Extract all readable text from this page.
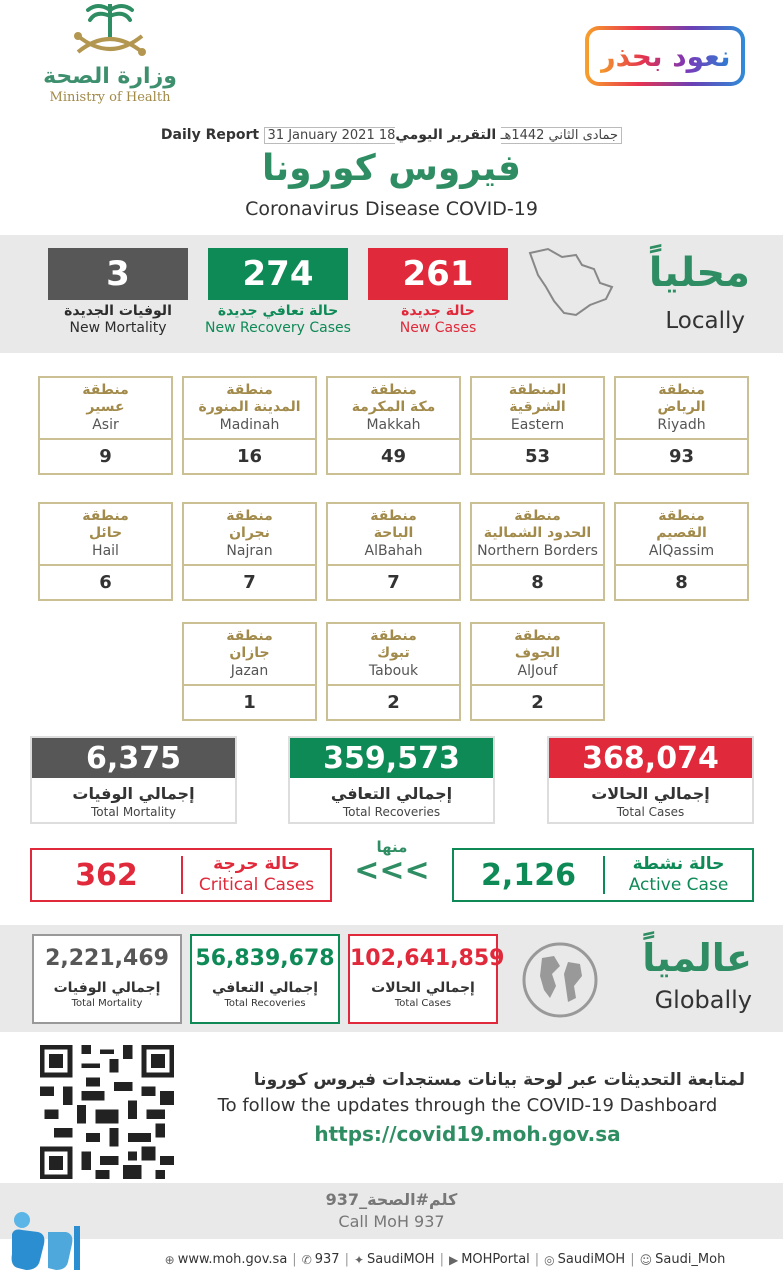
وزارة الصحة
Ministry of Health
نعود بحذر
Daily Report 31 January 2021 18جمادى الثاني 1442هـ التقرير اليومي
فيروس كورونا
Coronavirus Disease COVID-19
3
الوفيات الجديدة
New Mortality
274
حالة تعافي جديدة
New Recovery Cases
261
حالة جديدة
New Cases
محلياً
Locally
منطقة
الرياض
Riyadh
93
المنطقة
الشرقية
Eastern
53
منطقة
مكة المكرمة
Makkah
49
منطقة
المدينة المنورة
Madinah
16
منطقة
عسير
Asir
9
منطقة
القصيم
AlQassim
8
منطقة
الحدود الشمالية
Northern Borders
8
منطقة
الباحة
AlBahah
7
منطقة
نجران
Najran
7
منطقة
حائل
Hail
6
منطقة
الجوف
AlJouf
2
منطقة
تبوك
Tabouk
2
منطقة
جازان
Jazan
1
6,375
إجمالي الوفيات
Total Mortality
359,573
إجمالي التعافي
Total Recoveries
368,074
إجمالي الحالات
Total Cases
362	حالة حرجة
Critical Cases
منها
<<<	2,126	حالة نشطة
Active Case
2,221,469
إجمالي الوفيات
Total Mortality
56,839,678
إجمالي التعافي
Total Recoveries
102,641,859
إجمالي الحالات
Total Cases
عالمياً
Globally
لمتابعة التحديثات عبر لوحة بيانات مستجدات فيروس كورونا
To follow the updates through the COVID-19 Dashboard
https://covid19.moh.gov.sa
كلم#الصحة_937
Call MoH 937
⊕ www.moh.gov.sa | ✆ 937 | ✦ SaudiMOH | ▶ MOHPortal | ◎ SaudiMOH | ☺ Saudi_Moh
